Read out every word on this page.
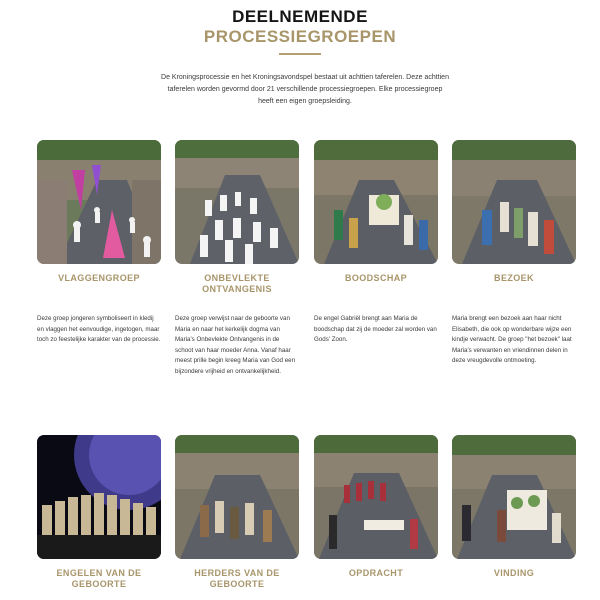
DEELNEMENDE
PROCESSIEGROEPEN
De Kroningsprocessie en het Kroningsavondspel bestaat uit achttien taferelen. Deze achttien taferelen worden gevormd door 21 verschillende processiegroepen. Elke processiegroep heeft een eigen groepsleiding.
VLAGGENGROEP	ONBEVLEKTE ONTVANGENIS
BOODSCHAP	BEZOEK
Deze groep jongeren symboliseert in kledij en vlaggen het eenvoudige, ingetogen, maar toch zo feestelijke karakter van de processie.
Deze groep verwijst naar de geboorte van Maria en naar het kerkelijk dogma van Maria's Onbevlekte Ontvangenis in de schoot van haar moeder Anna. Vanaf haar meest prille begin kreeg Maria van God een bijzondere vrijheid en ontvankelijkheid.
De engel Gabriël brengt aan Maria de boodschap dat zij de moeder zal worden van Gods' Zoon.
Maria brengt een bezoek aan haar nicht Elisabeth, die ook op wonderbare wijze een kindje verwacht. De groep "het bezoek" laat Maria's verwanten en vriendinnen delen in deze vreugdevolle ontmoeting.
ENGELEN VAN DE GEBOORTE
HERDERS VAN DE GEBOORTE
OPDRACHT	VINDING
